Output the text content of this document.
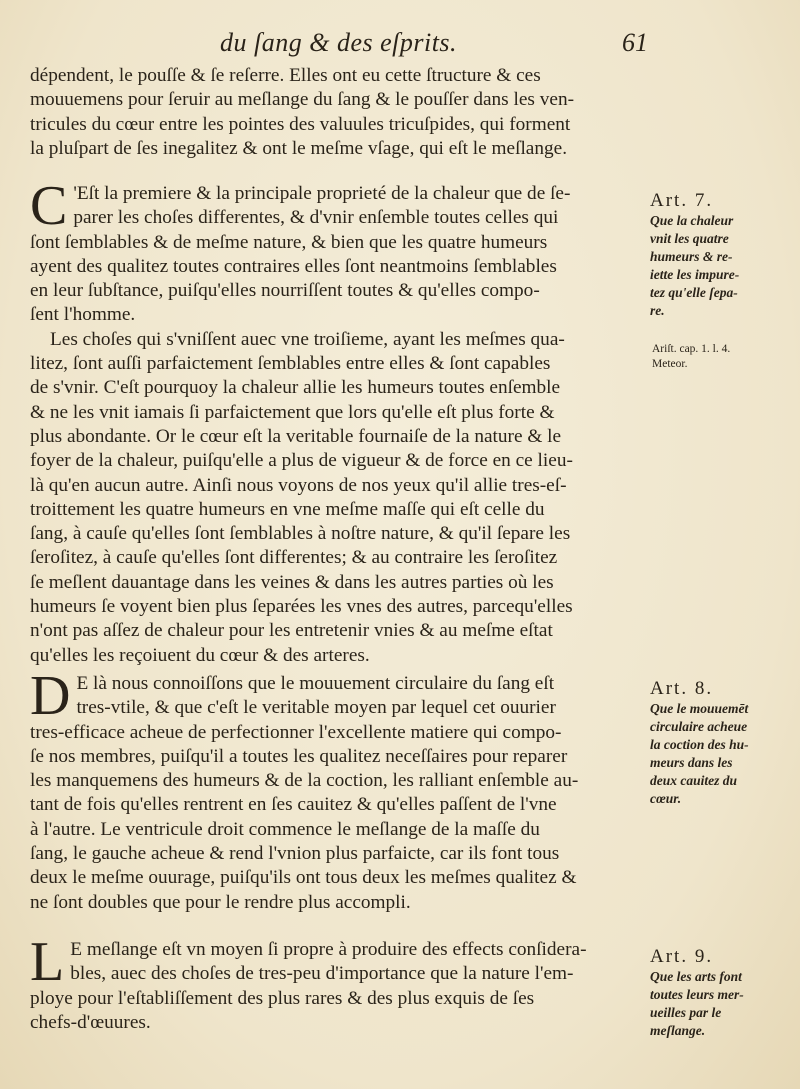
du ſang & des eſprits.	61
dépendent, le pouſſe & ſe reſerre. Elles ont eu cette ſtructure & ces
mouuemens pour ſeruir au meſlange du ſang & le pouſſer dans les ven-
tricules du cœur entre les pointes des valuules tricuſpides, qui forment
la pluſpart de ſes inegalitez & ont le meſme vſage, qui eſt le meſlange.
C 'Eſt la premiere & la principale proprieté de la chaleur que de ſe-
parer les choſes differentes, & d'vnir enſemble toutes celles qui
ſont ſemblables & de meſme nature, & bien que les quatre humeurs
ayent des qualitez toutes contraires elles ſont neantmoins ſemblables
en leur ſubſtance, puiſqu'elles nourriſſent toutes & qu'elles compo-
ſent l'homme.
Les choſes qui s'vniſſent auec vne troiſieme, ayant les meſmes qua-
litez, ſont auſſi parfaictement ſemblables entre elles & ſont capables
de s'vnir. C'eſt pourquoy la chaleur allie les humeurs toutes enſemble
& ne les vnit iamais ſi parfaictement que lors qu'elle eſt plus forte &
plus abondante. Or le cœur eſt la veritable fournaiſe de la nature & le
foyer de la chaleur, puiſqu'elle a plus de vigueur & de force en ce lieu-
là qu'en aucun autre. Ainſi nous voyons de nos yeux qu'il allie tres-eſ-
troittement les quatre humeurs en vne meſme maſſe qui eſt celle du
ſang, à cauſe qu'elles ſont ſemblables à noſtre nature, & qu'il ſepare les
ſeroſitez, à cauſe qu'elles ſont differentes; & au contraire les ſeroſitez
ſe meſlent dauantage dans les veines & dans les autres parties où les
humeurs ſe voyent bien plus ſeparées les vnes des autres, parcequ'elles
n'ont pas aſſez de chaleur pour les entretenir vnies & au meſme eſtat
qu'elles les reçoiuent du cœur & des arteres.
Art. 7.
Que la chaleur
vnit les quatre
humeurs & re-
iette les impure-
tez qu'elle ſepa-
re.
Ariſt. cap. 1. l. 4.
Meteor.
D E là nous connoiſſons que le mouuement circulaire du ſang eſt
tres-vtile, & que c'eſt le veritable moyen par lequel cet ouurier
tres-efficace acheue de perfectionner l'excellente matiere qui compo-
ſe nos membres, puiſqu'il a toutes les qualitez neceſſaires pour reparer
les manquemens des humeurs & de la coction, les ralliant enſemble au-
tant de fois qu'elles rentrent en ſes cauitez & qu'elles paſſent de l'vne
à l'autre. Le ventricule droit commence le meſlange de la maſſe du
ſang, le gauche acheue & rend l'vnion plus parfaicte, car ils font tous
deux le meſme ouurage, puiſqu'ils ont tous deux les meſmes qualitez &
ne ſont doubles que pour le rendre plus accompli.
Art. 8.
Que le mouuemēt
circulaire acheue
la coction des hu-
meurs dans les
deux cauitez du
cœur.
L E meſlange eſt vn moyen ſi propre à produire des effects conſidera-
bles, auec des choſes de tres-peu d'importance que la nature l'em-
ploye pour l'eſtabliſſement des plus rares & des plus exquis de ſes
chefs-d'œuures.
Art. 9.
Que les arts font
toutes leurs mer-
ueilles par le
meſlange.
